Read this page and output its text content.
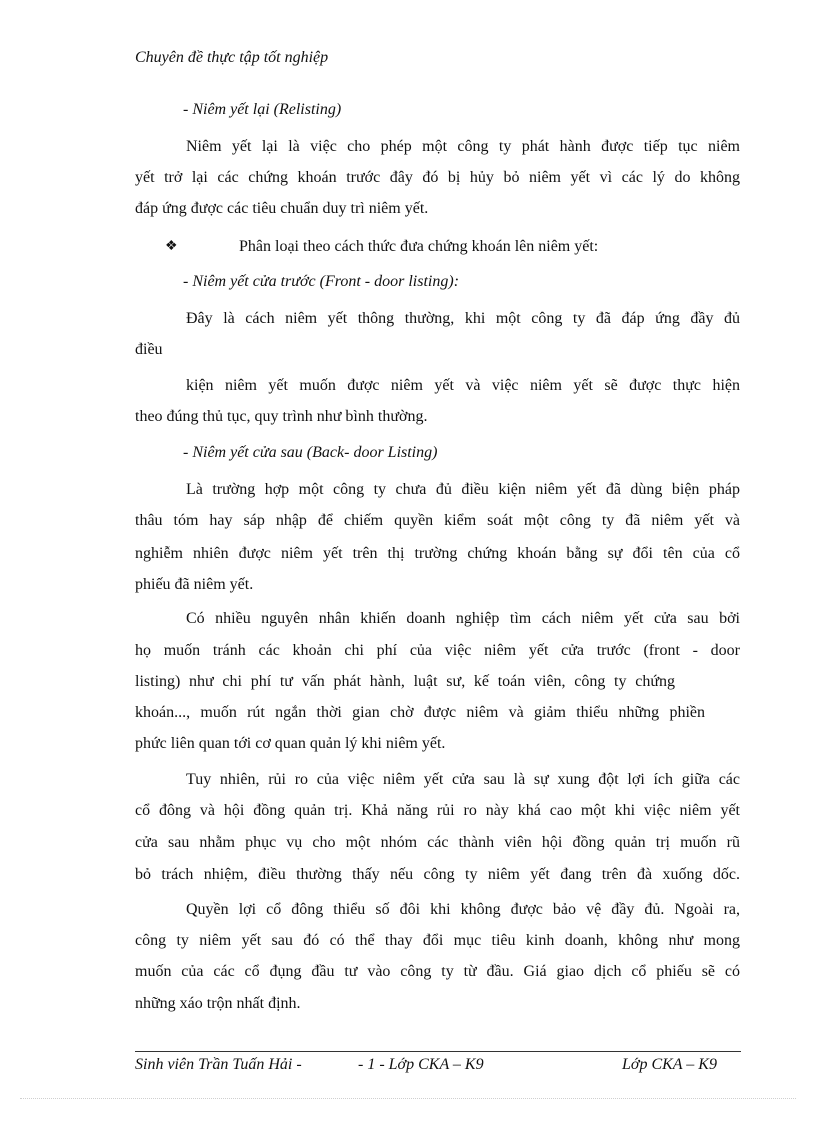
Chuyên đề thực tập tốt nghiệp
- Niêm yết lại (Relisting)
Niêm yết lại là việc cho phép một công ty phát hành được tiếp tục niêm
yết trở lại các chứng khoán trước đây đó bị hủy bỏ niêm yết vì các lý do không
đáp ứng được các tiêu chuẩn duy trì niêm yết.
❖	Phân loại theo cách thức đưa chứng khoán lên niêm yết:
- Niêm yết cửa trước (Front - door listing):
Đây là cách niêm yết thông thường, khi một công ty đã đáp ứng đầy đủ
điều
kiện niêm yết muốn được niêm yết và việc niêm yết sẽ được thực hiện
theo đúng thủ tục, quy trình như bình thường.
- Niêm yết cửa sau (Back- door Listing)
Là trường hợp một công ty chưa đủ điều kiện niêm yết đã dùng biện pháp
thâu tóm hay sáp nhập để chiếm quyền kiểm soát một công ty đã niêm yết và
nghiễm nhiên được niêm yết trên thị trường chứng khoán bằng sự đổi tên của cổ
phiếu đã niêm yết.
Có nhiều nguyên nhân khiến doanh nghiệp tìm cách niêm yết cửa sau bởi
họ muốn tránh các khoản chi phí của việc niêm yết cửa trước (front - door
listing) như chi phí tư vấn phát hành, luật sư, kế toán viên, công ty chứng
khoán..., muốn rút ngắn thời gian chờ được niêm và giảm thiểu những phiền
phức liên quan tới cơ quan quản lý khi niêm yết.
Tuy nhiên, rủi ro của việc niêm yết cửa sau là sự xung đột lợi ích giữa các
cổ đông và hội đồng quản trị. Khả năng rủi ro này khá cao một khi việc niêm yết
cửa sau nhằm phục vụ cho một nhóm các thành viên hội đồng quản trị muốn rũ
bỏ trách nhiệm, điều thường thấy nếu công ty niêm yết đang trên đà xuống dốc.
Quyền lợi cổ đông thiểu số đôi khi không được bảo vệ đầy đủ. Ngoài ra,
công ty niêm yết sau đó có thể thay đổi mục tiêu kinh doanh, không như mong
muốn của các cổ đụng đầu tư vào công ty từ đầu. Giá giao dịch cổ phiếu sẽ có
những xáo trộn nhất định.
Sinh viên Trần Tuấn Hải -	- 1 - Lớp CKA – K9	Lớp CKA – K9
